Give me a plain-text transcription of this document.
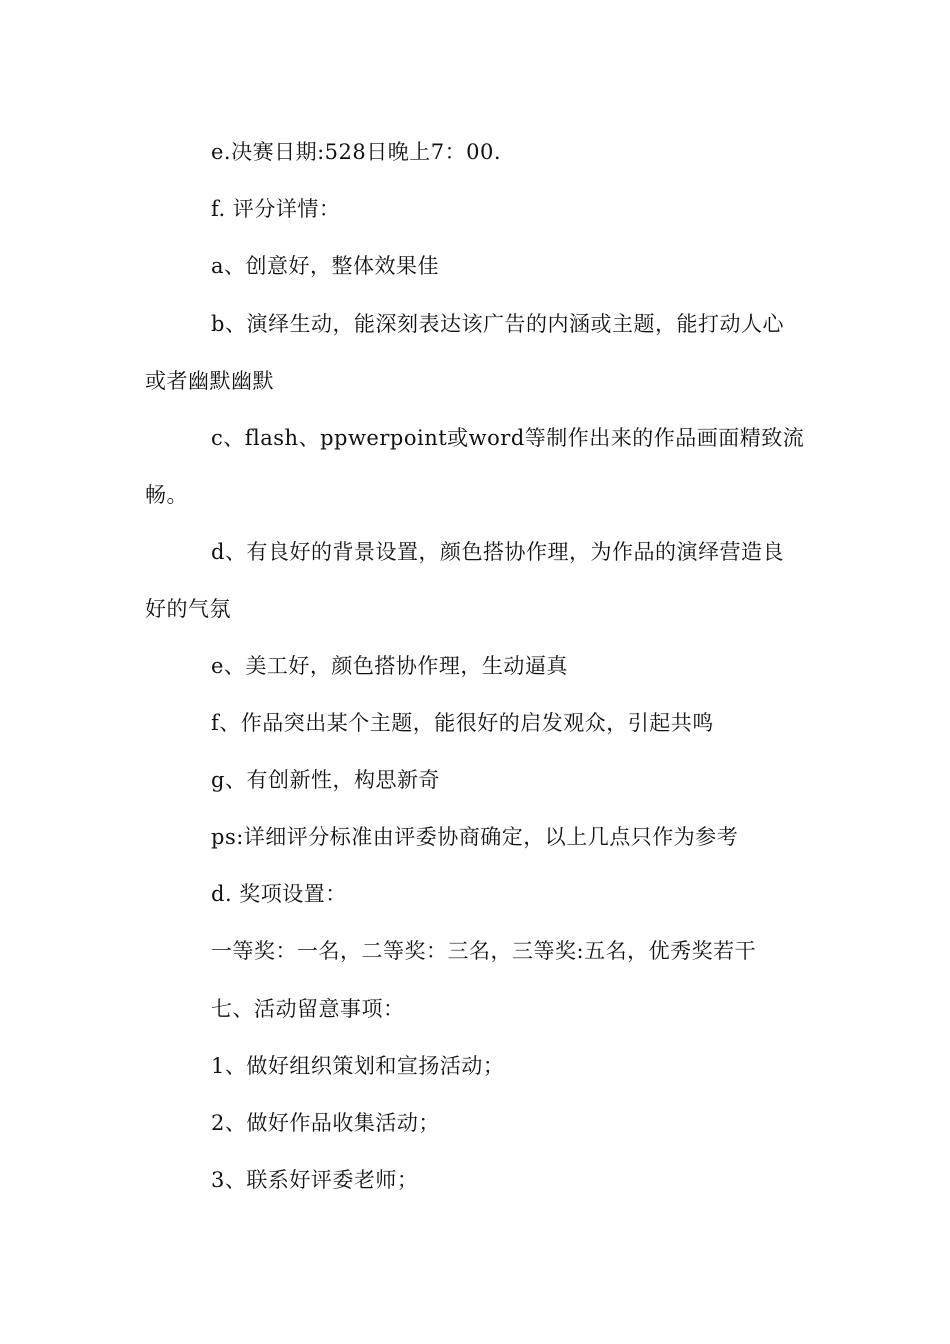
e.决赛日期:528日晚上7：00.
f. 评分详情：
a、创意好，整体效果佳
b、演绎生动，能深刻表达该广告的内涵或主题，能打动人心
或者幽默幽默
c、flash、ppwerpoint或word等制作出来的作品画面精致流
畅。
d、有良好的背景设置，颜色搭协作理，为作品的演绎营造良
好的气氛
e、美工好，颜色搭协作理，生动逼真
f、作品突出某个主题，能很好的启发观众，引起共鸣
g、有创新性，构思新奇
ps:详细评分标准由评委协商确定，以上几点只作为参考
d. 奖项设置：
一等奖：一名，二等奖：三名，三等奖:五名，优秀奖若干
七、活动留意事项：
1、做好组织策划和宣扬活动；
2、做好作品收集活动；
3、联系好评委老师；
